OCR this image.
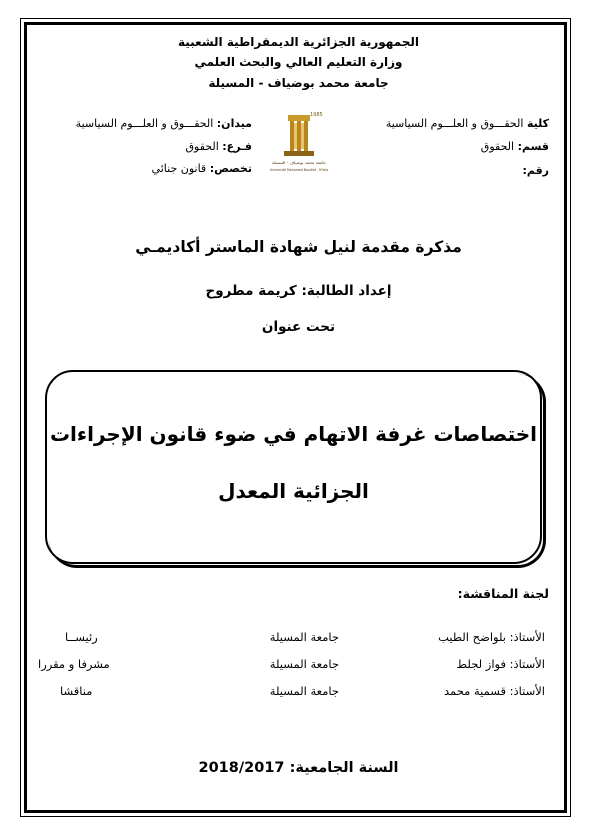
الجمهورية الجزائرية الديمقراطية الشعبية
وزارة التعليم العالي والبحث العلمي
جامعة محمد بوضياف - المسيلة
كلية الحقـــوق و العلـــوم السياسية
قسم: الحقوق
رقم:
ميدان: الحقـــوق و العلـــوم السياسية
فـرع: الحقوق
تخصص: قانون جنائي
1985
جامعة محمد بوضياف - المسيلة
Université Mohamed Boudiaf - M'sila
مذكرة مقدمة لنيل شهادة الماستر أكاديمـي
إعداد الطالبة: كريمة مطروح
تحت عنوان
اختصاصات غرفة الاتهام في ضوء قانون الإجراءات
الجزائية المعدل
لجنة المناقشة:
الأستاذ: بلواضح الطيب
جامعة المسيلة
رئيســا
الأستاذ: فواز لجلط
جامعة المسيلة
مشرفا و مقررا
الأستاذ: قسمية محمد
جامعة المسيلة
مناقشا
السنة الجامعية: 2018/2017
